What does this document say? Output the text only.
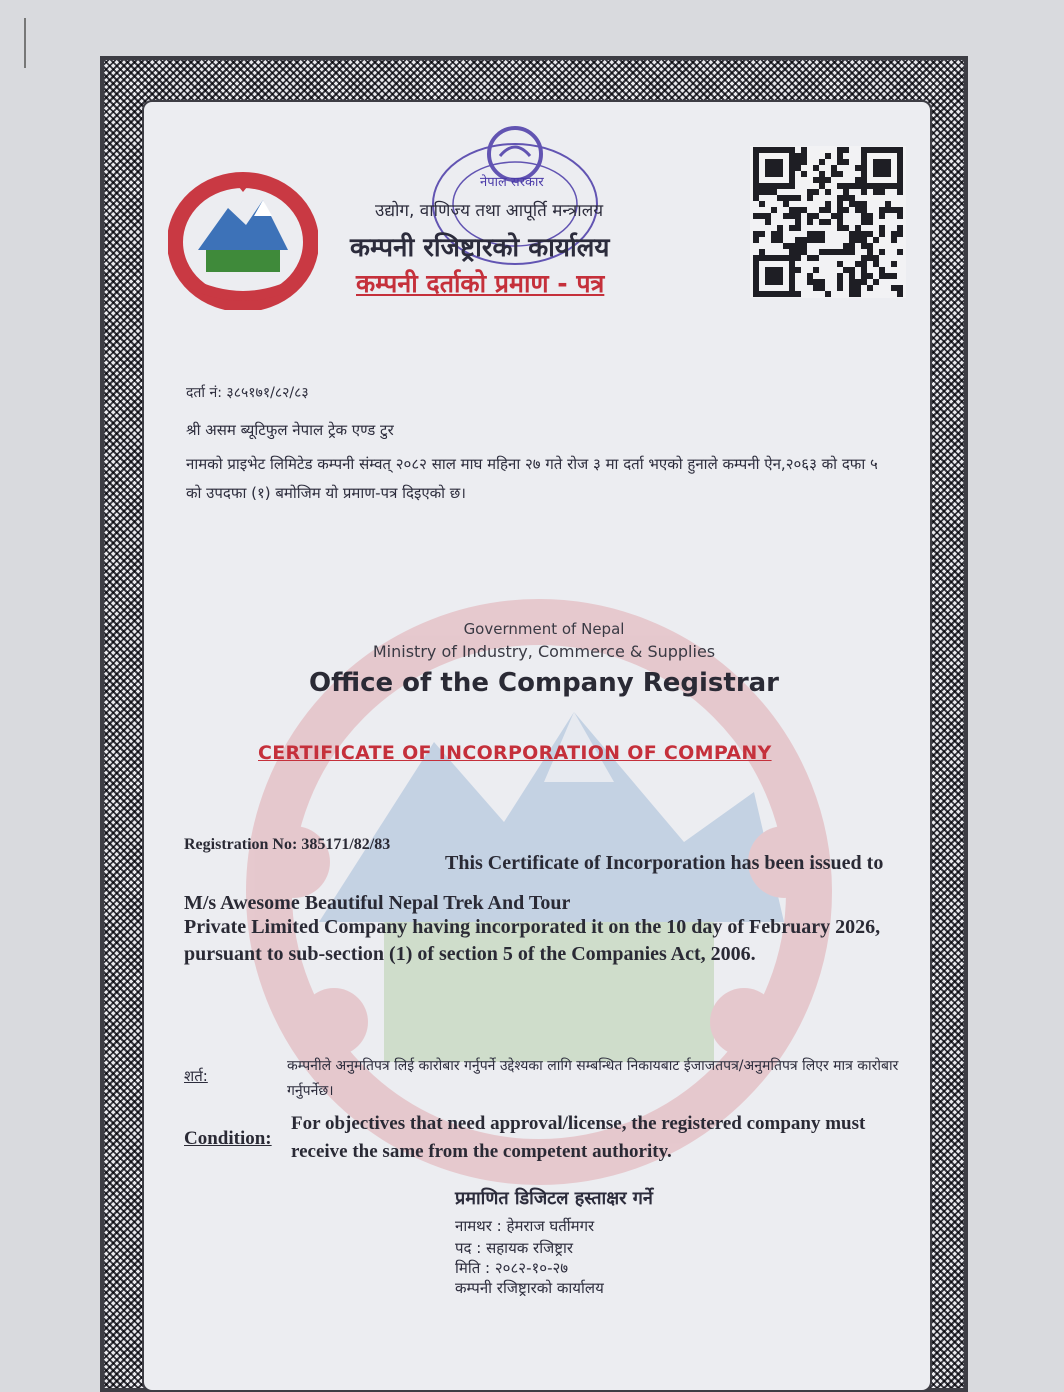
नेपाल सरकार

उद्योग, वाणिज्य तथा आपूर्ति मन्त्रालय

कम्पनी रजिष्ट्रारको कार्यालय

कम्पनी दर्ताको प्रमाण - पत्र

दर्ता नं: ३८५१७१/८२/८३

श्री असम ब्यूटिफुल नेपाल ट्रेक एण्ड टुर

नामको प्राइभेट लिमिटेड कम्पनी संम्वत् २०८२ साल माघ महिना २७ गते रोज ३ मा दर्ता भएको हुनाले कम्पनी ऐन,२०६३ को दफा ५ को उपदफा (१) बमोजिम यो प्रमाण-पत्र दिइएको छ।

Government of Nepal

Ministry of Industry, Commerce & Supplies

Office of the Company Registrar

CERTIFICATE OF INCORPORATION OF COMPANY

Registration No: 385171/82/83

This Certificate of Incorporation has been issued to

M/s Awesome Beautiful Nepal Trek And Tour

Private Limited Company having incorporated it on the 10 day of February 2026, pursuant to sub-section (1) of section 5 of the Companies Act, 2006.

शर्त:

कम्पनीले अनुमतिपत्र लिई कारोबार गर्नुपर्ने उद्देश्यका लागि सम्बन्धित निकायबाट ईजाजतपत्र/अनुमतिपत्र लिएर मात्र कारोबार गर्नुपर्नेछ।

Condition:

For objectives that need approval/license, the registered company must receive the same from the competent authority.

प्रमाणित डिजिटल हस्ताक्षर गर्ने

नामथर : हेमराज घर्तीमगर

पद : सहायक रजिष्ट्रार

मिति : २०८२-१०-२७

कम्पनी रजिष्ट्रारको कार्यालय
